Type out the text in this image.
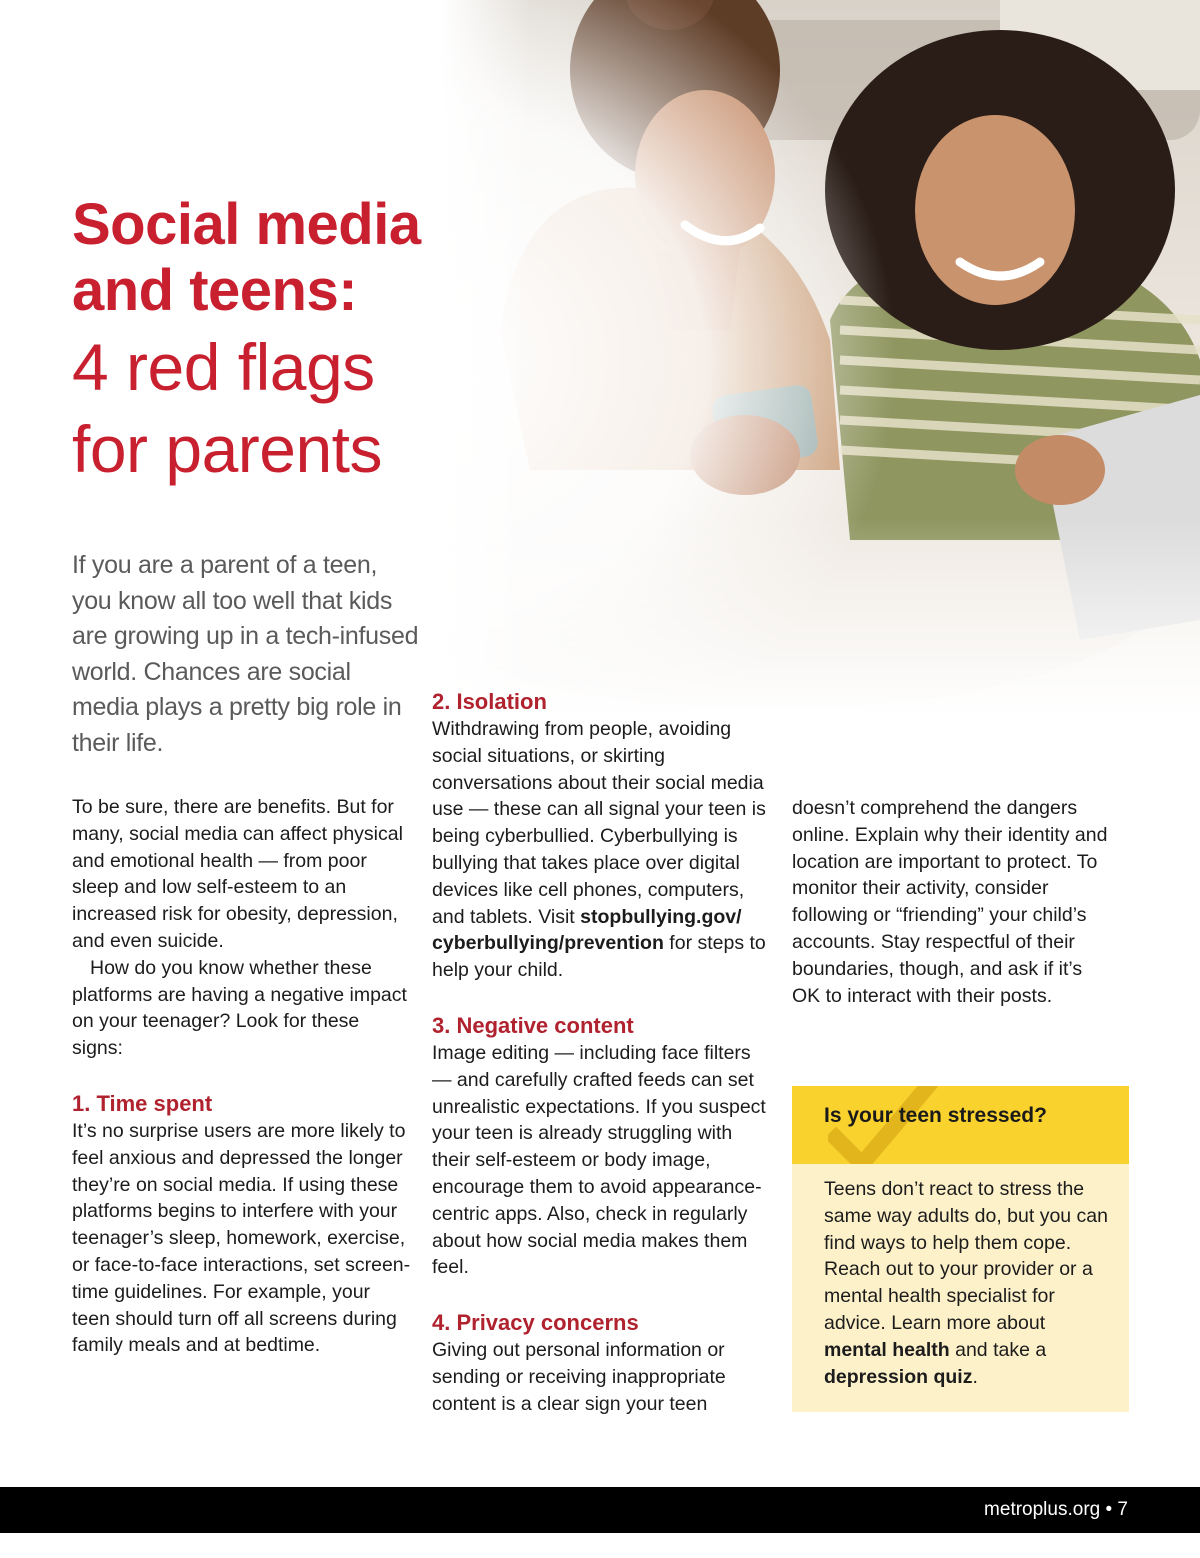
Social media
and teens:
4 red flags
for parents

If you are a parent of a teen, you know all too well that kids are growing up in a tech-infused world. Chances are social media plays a pretty big role in their life.

To be sure, there are benefits. But for many, social media can affect physical and emotional health — from poor sleep and low self-esteem to an increased risk for obesity, depression, and even suicide.

How do you know whether these platforms are having a negative impact on your teenager? Look for these signs:

1. Time spent

It’s no surprise users are more likely to feel anxious and depressed the longer they’re on social media. If using these platforms begins to interfere with your teenager’s sleep, homework, exercise, or face-to-face interactions, set screen-time guidelines. For example, your teen should turn off all screens during family meals and at bedtime.

2. Isolation

Withdrawing from people, avoiding social situations, or skirting conversations about their social media use — these can all signal your teen is being cyberbullied. Cyberbullying is bullying that takes place over digital devices like cell phones, computers, and tablets. Visit stopbullying.gov/ cyberbullying/prevention for steps to help your child.

3. Negative content

Image editing — including face filters — and carefully crafted feeds can set unrealistic expectations. If you suspect your teen is already struggling with their self-esteem or body image, encourage them to avoid appearance-centric apps. Also, check in regularly about how social media makes them feel.

4. Privacy concerns

Giving out personal information or sending or receiving inappropriate content is a clear sign your teen

doesn’t comprehend the dangers online. Explain why their identity and location are important to protect. To monitor their activity, consider following or “friending” your child’s accounts. Stay respectful of their boundaries, though, and ask if it’s OK to interact with their posts.

Is your teen stressed?
Teens don’t react to stress the same way adults do, but you can find ways to help them cope. Reach out to your provider or a mental health specialist for advice. Learn more about mental health and take a depression quiz.
metroplus.org • 7
